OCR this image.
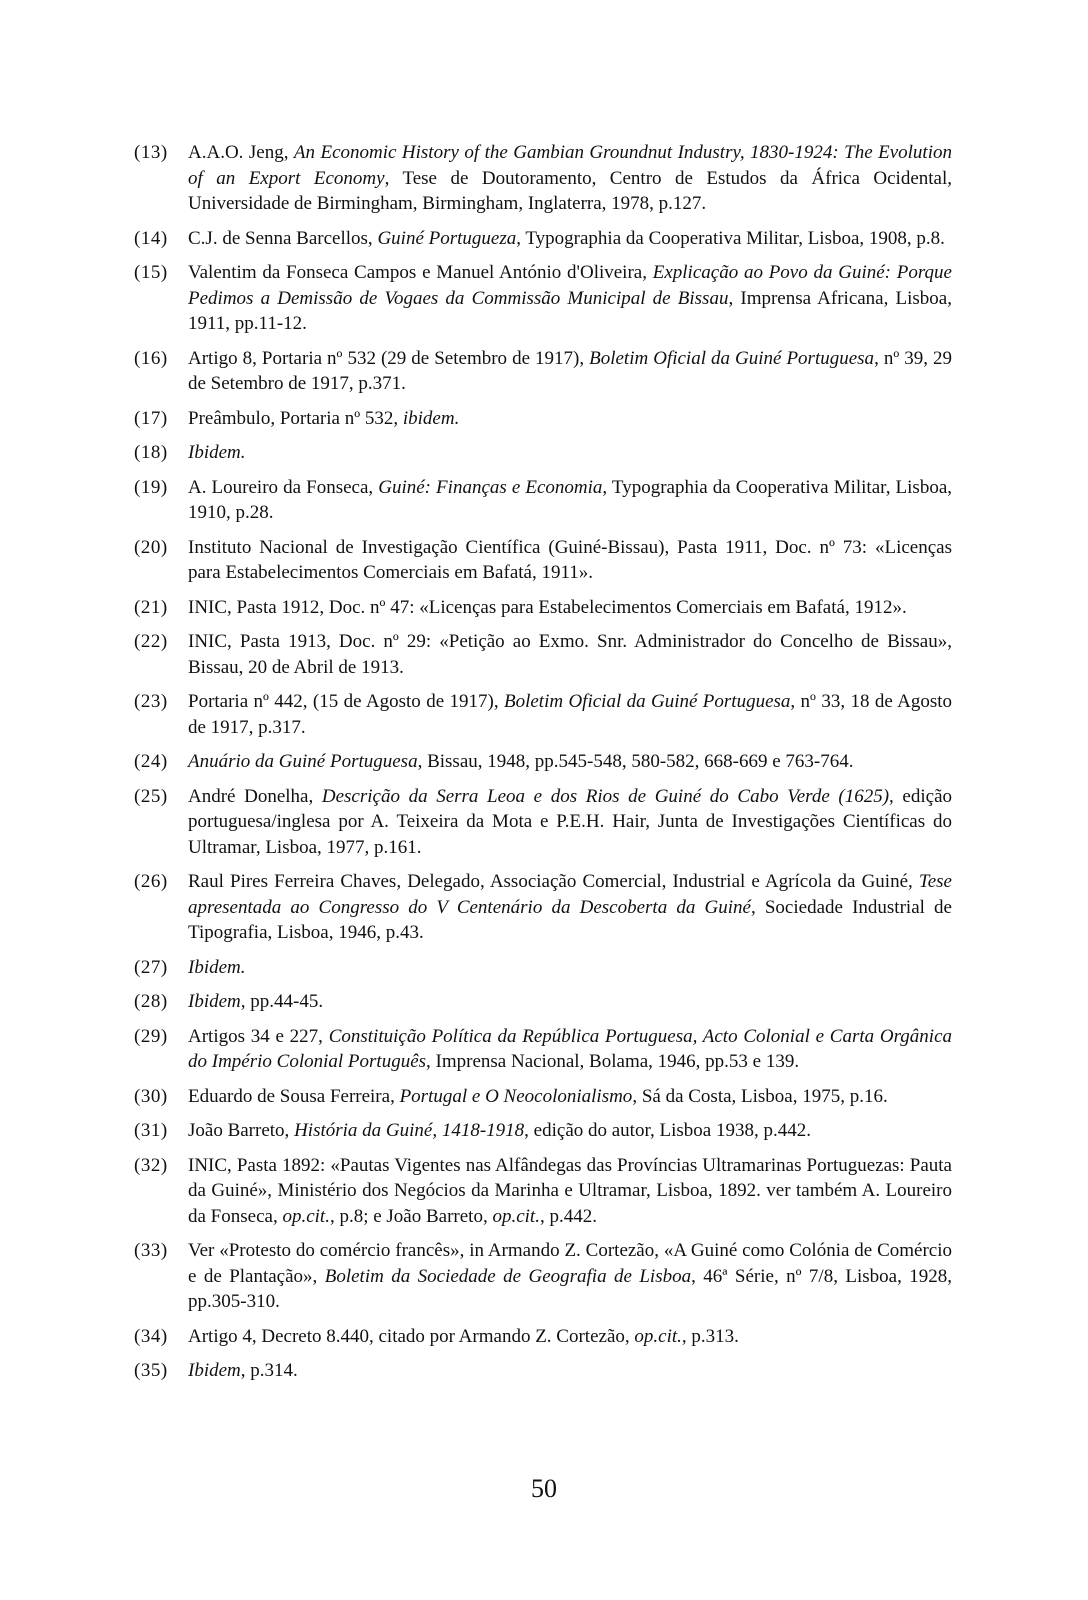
(13)	A.A.O. Jeng, An Economic History of the Gambian Groundnut Industry, 1830-1924: The Evolution of an Export Economy, Tese de Doutoramento, Centro de Estudos da África Ocidental, Universidade de Birmingham, Birmingham, Inglaterra, 1978, p.127.
(14)	C.J. de Senna Barcellos, Guiné Portugueza, Typographia da Cooperativa Militar, Lisboa, 1908, p.8.
(15)	Valentim da Fonseca Campos e Manuel António d'Oliveira, Explicação ao Povo da Guiné: Porque Pedimos a Demissão de Vogaes da Commissão Municipal de Bissau, Imprensa Africana, Lisboa, 1911, pp.11-12.
(16)	Artigo 8, Portaria nº 532 (29 de Setembro de 1917), Boletim Oficial da Guiné Portuguesa, nº 39, 29 de Setembro de 1917, p.371.
(17)	Preâmbulo, Portaria nº 532, ibidem.
(18)	Ibidem.
(19)	A. Loureiro da Fonseca, Guiné: Finanças e Economia, Typographia da Cooperativa Militar, Lisboa, 1910, p.28.
(20)	Instituto Nacional de Investigação Científica (Guiné-Bissau), Pasta 1911, Doc. nº 73: «Licenças para Estabelecimentos Comerciais em Bafatá, 1911».
(21)	INIC, Pasta 1912, Doc. nº 47: «Licenças para Estabelecimentos Comerciais em Bafatá, 1912».
(22)	INIC, Pasta 1913, Doc. nº 29: «Petição ao Exmo. Snr. Administrador do Concelho de Bissau», Bissau, 20 de Abril de 1913.
(23)	Portaria nº 442, (15 de Agosto de 1917), Boletim Oficial da Guiné Portuguesa, nº 33, 18 de Agosto de 1917, p.317.
(24)	Anuário da Guiné Portuguesa, Bissau, 1948, pp.545-548, 580-582, 668-669 e 763-764.
(25)	André Donelha, Descrição da Serra Leoa e dos Rios de Guiné do Cabo Verde (1625), edição portuguesa/inglesa por A. Teixeira da Mota e P.E.H. Hair, Junta de Investigações Científicas do Ultramar, Lisboa, 1977, p.161.
(26)	Raul Pires Ferreira Chaves, Delegado, Associação Comercial, Industrial e Agrícola da Guiné, Tese apresentada ao Congresso do V Centenário da Descoberta da Guiné, Sociedade Industrial de Tipografia, Lisboa, 1946, p.43.
(27)	Ibidem.
(28)	Ibidem, pp.44-45.
(29)	Artigos 34 e 227, Constituição Política da República Portuguesa, Acto Colonial e Carta Orgânica do Império Colonial Português, Imprensa Nacional, Bolama, 1946, pp.53 e 139.
(30)	Eduardo de Sousa Ferreira, Portugal e O Neocolonialismo, Sá da Costa, Lisboa, 1975, p.16.
(31)	João Barreto, História da Guiné, 1418-1918, edição do autor, Lisboa 1938, p.442.
(32)	INIC, Pasta 1892: «Pautas Vigentes nas Alfândegas das Províncias Ultramarinas Portuguezas: Pauta da Guiné», Ministério dos Negócios da Marinha e Ultramar, Lisboa, 1892. ver também A. Loureiro da Fonseca, op.cit., p.8; e João Barreto, op.cit., p.442.
(33)	Ver «Protesto do comércio francês», in Armando Z. Cortezão, «A Guiné como Colónia de Comércio e de Plantação», Boletim da Sociedade de Geografia de Lisboa, 46ª Série, nº 7/8, Lisboa, 1928, pp.305-310.
(34)	Artigo 4, Decreto 8.440, citado por Armando Z. Cortezão, op.cit., p.313.
(35)	Ibidem, p.314.
50
